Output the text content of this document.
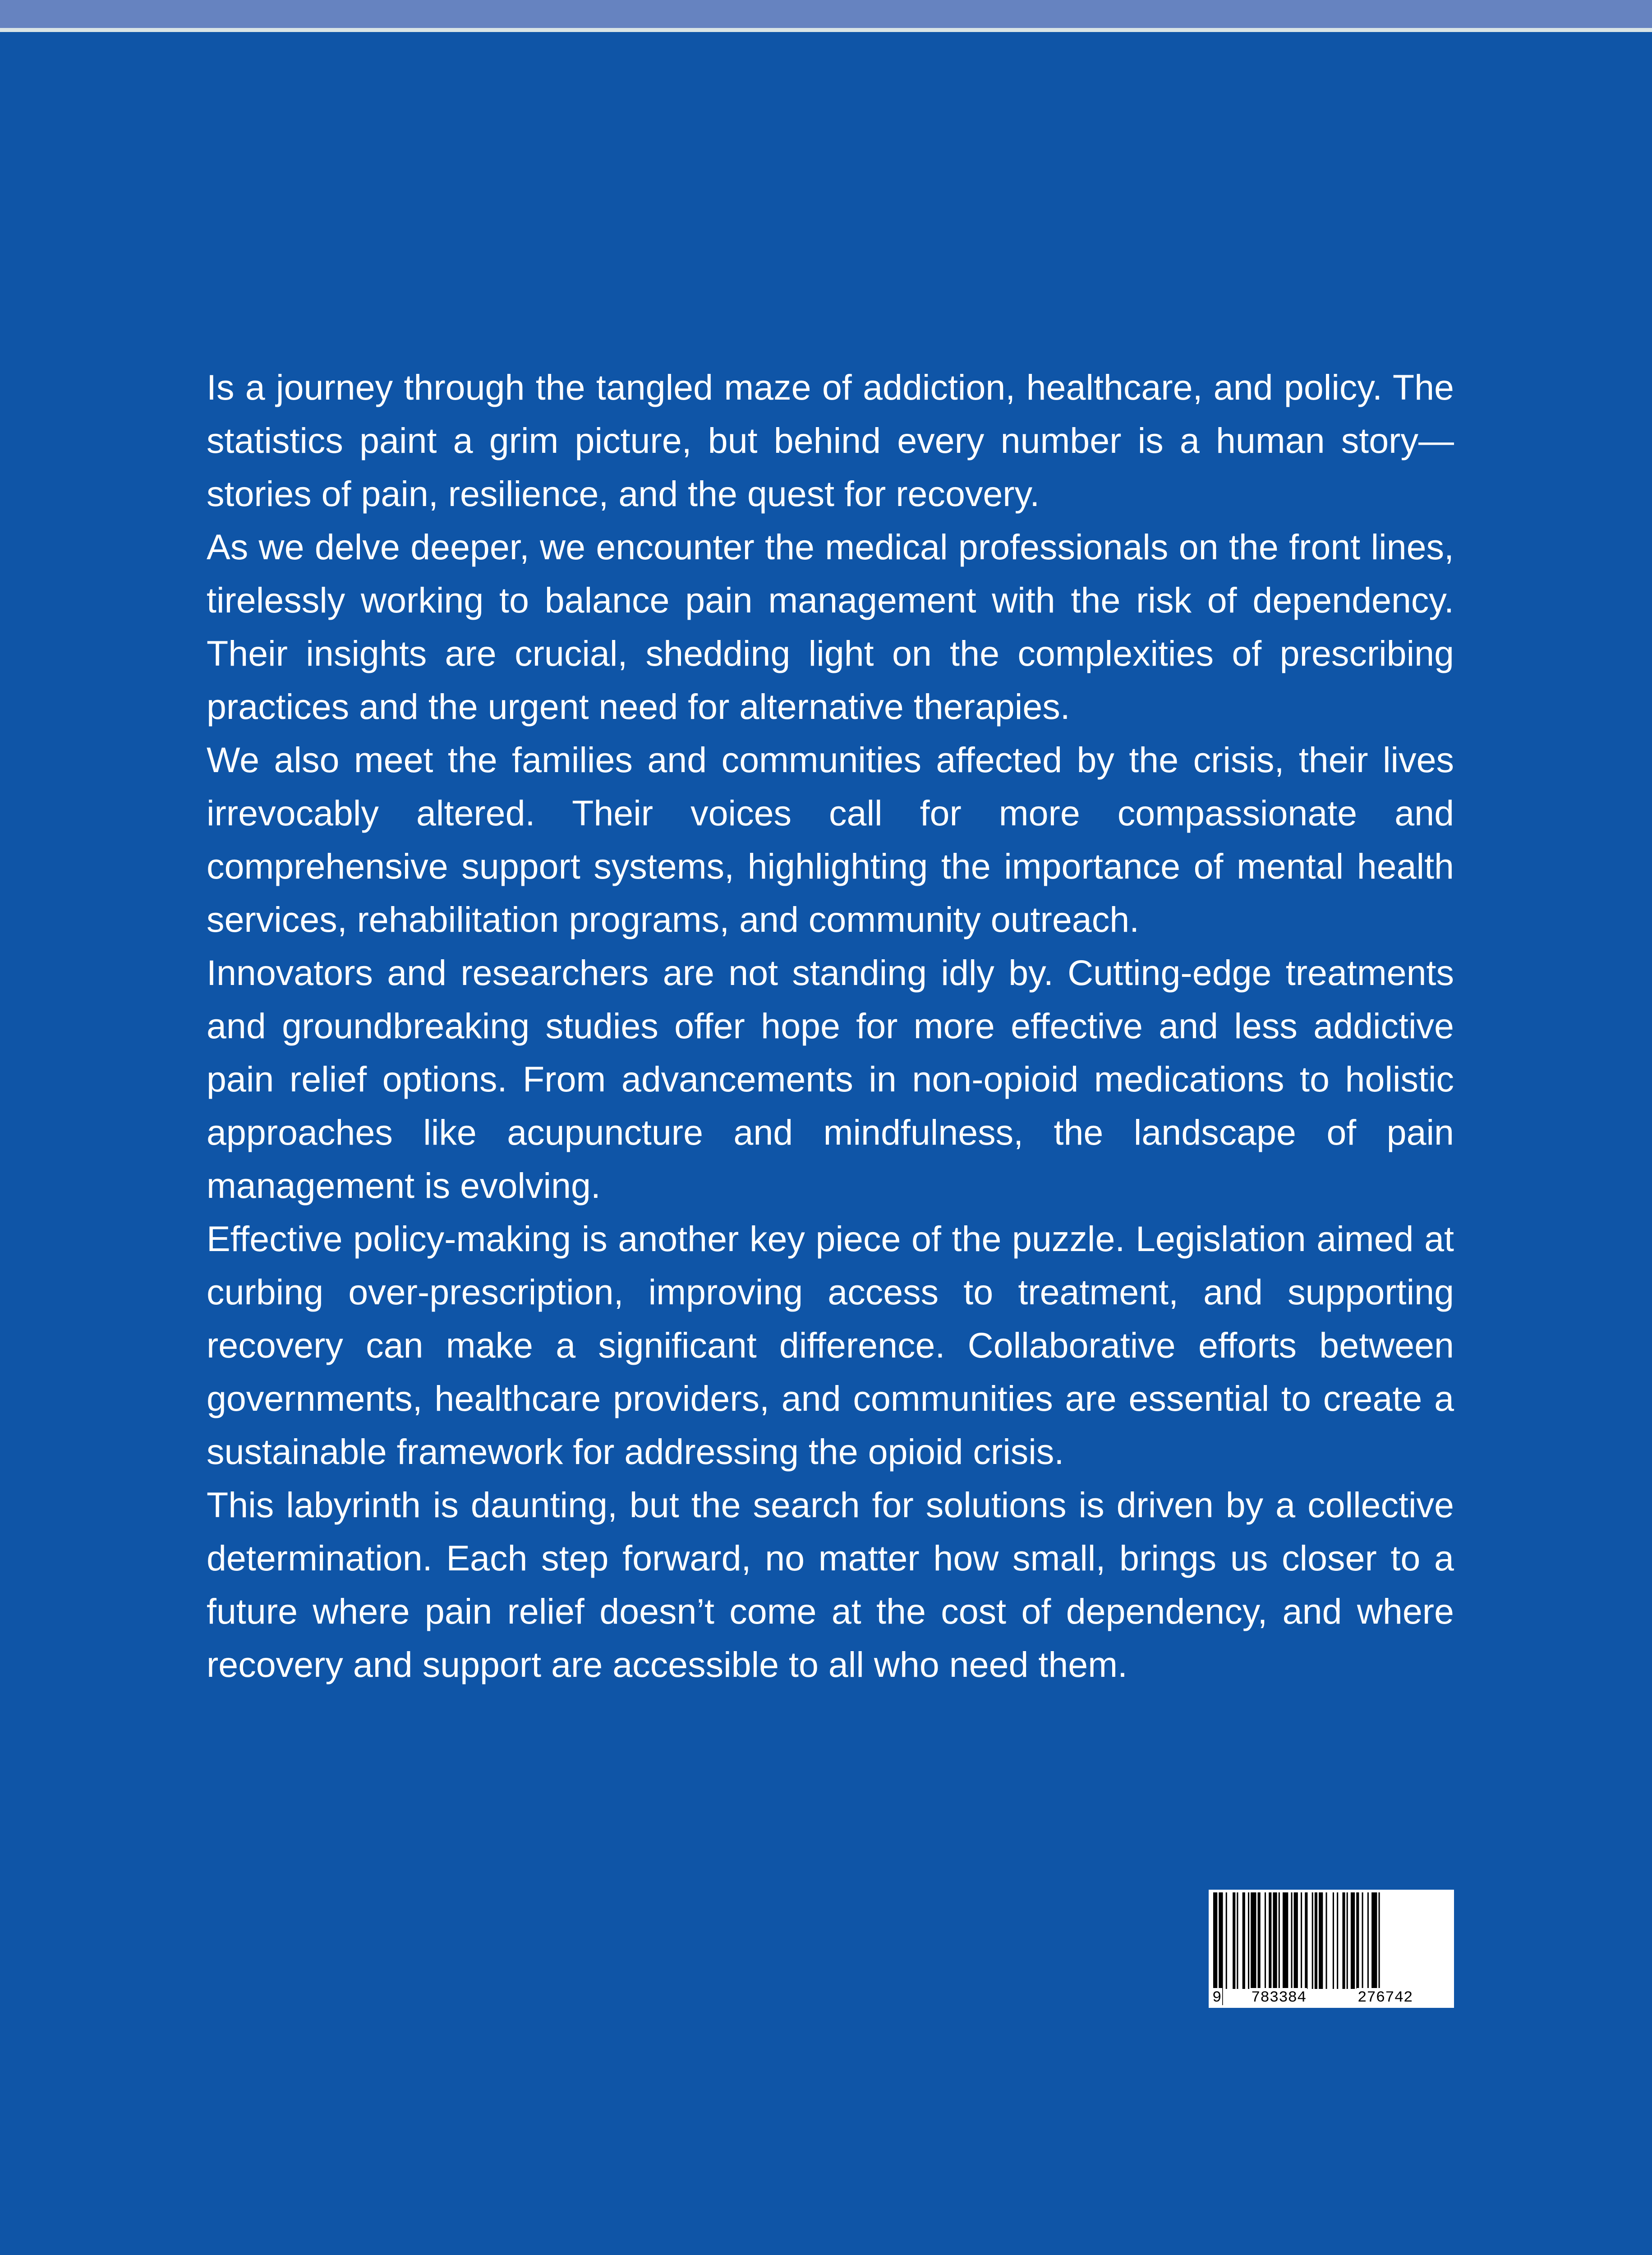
Is a journey through the tangled maze of addiction, healthcare, and policy. The statistics paint a grim picture, but behind every number is a human story—stories of pain, resilience, and the quest for recovery.

As we delve deeper, we encounter the medical professionals on the front lines, tirelessly working to balance pain management with the risk of dependency. Their insights are crucial, shedding light on the complexities of prescribing practices and the urgent need for alternative therapies.

We also meet the families and communities affected by the crisis, their lives irrevocably altered. Their voices call for more compassionate and comprehensive support systems, highlighting the importance of mental health services, rehabilitation programs, and community outreach.

Innovators and researchers are not standing idly by. Cutting-edge treatments and groundbreaking studies offer hope for more effective and less addictive pain relief options. From advancements in non-opioid medications to holistic approaches like acupuncture and mindfulness, the landscape of pain management is evolving.

Effective policy-making is another key piece of the puzzle. Legislation aimed at curbing over-prescription, improving access to treatment, and supporting recovery can make a significant difference. Collaborative efforts between governments, healthcare providers, and communities are essential to create a sustainable framework for addressing the opioid crisis.

This labyrinth is daunting, but the search for solutions is driven by a collective determination. Each step forward, no matter how small, brings us closer to a future where pain relief doesn’t come at the cost of dependency, and where recovery and support are accessible to all who need them.

9 783384	276742
